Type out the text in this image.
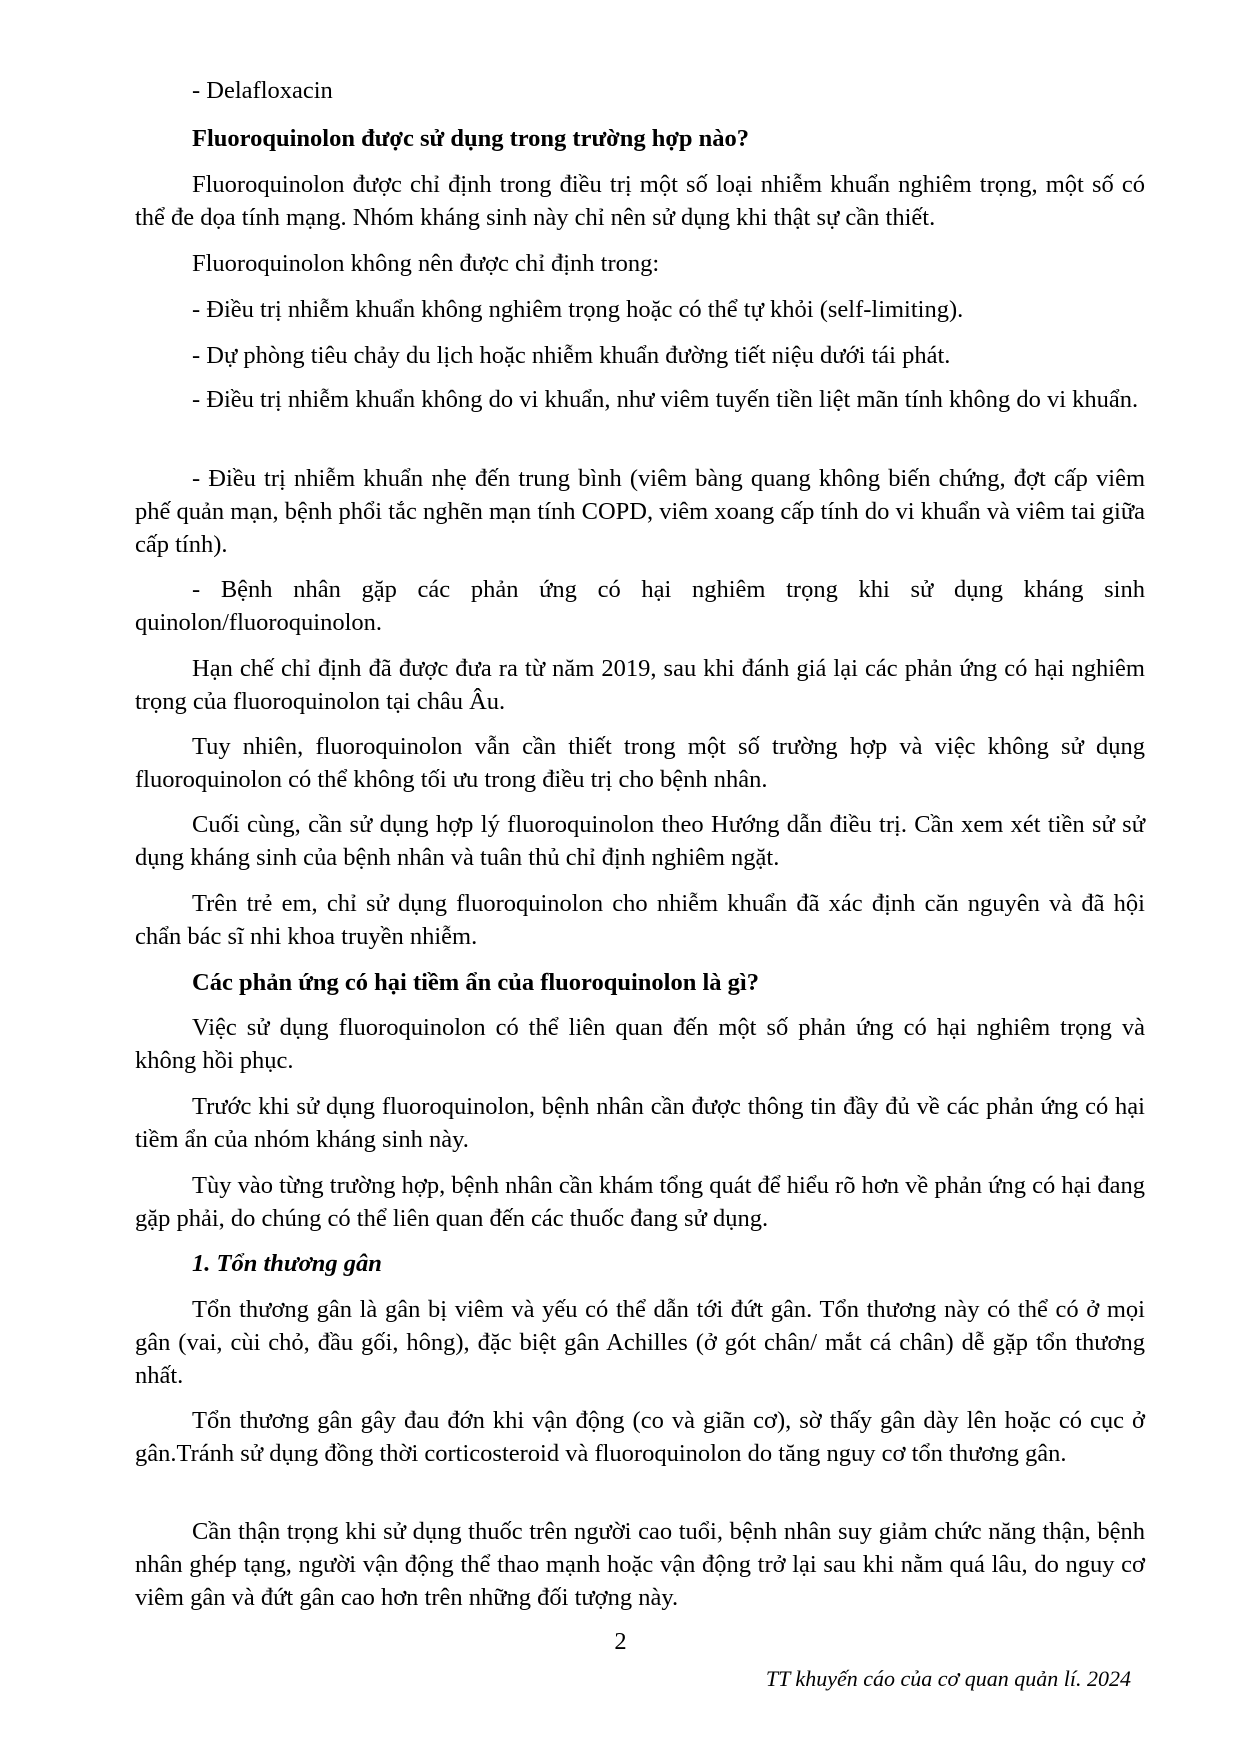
- Delafloxacin

Fluoroquinolon được sử dụng trong trường hợp nào?

Fluoroquinolon được chỉ định trong điều trị một số loại nhiễm khuẩn nghiêm trọng, một số có thể đe dọa tính mạng. Nhóm kháng sinh này chỉ nên sử dụng khi thật sự cần thiết.

Fluoroquinolon không nên được chỉ định trong:

- Điều trị nhiễm khuẩn không nghiêm trọng hoặc có thể tự khỏi (self-limiting).

- Dự phòng tiêu chảy du lịch hoặc nhiễm khuẩn đường tiết niệu dưới tái phát.

- Điều trị nhiễm khuẩn không do vi khuẩn, như viêm tuyến tiền liệt mãn tính không do vi khuẩn.

- Điều trị nhiễm khuẩn nhẹ đến trung bình (viêm bàng quang không biến chứng, đợt cấp viêm phế quản mạn, bệnh phổi tắc nghẽn mạn tính COPD, viêm xoang cấp tính do vi khuẩn và viêm tai giữa cấp tính).

- Bệnh nhân gặp các phản ứng có hại nghiêm trọng khi sử dụng kháng sinh quinolon/fluoroquinolon.

Hạn chế chỉ định đã được đưa ra từ năm 2019, sau khi đánh giá lại các phản ứng có hại nghiêm trọng của fluoroquinolon tại châu Âu.

Tuy nhiên, fluoroquinolon vẫn cần thiết trong một số trường hợp và việc không sử dụng fluoroquinolon có thể không tối ưu trong điều trị cho bệnh nhân.

Cuối cùng, cần sử dụng hợp lý fluoroquinolon theo Hướng dẫn điều trị. Cần xem xét tiền sử sử dụng kháng sinh của bệnh nhân và tuân thủ chỉ định nghiêm ngặt.

Trên trẻ em, chỉ sử dụng fluoroquinolon cho nhiễm khuẩn đã xác định căn nguyên và đã hội chẩn bác sĩ nhi khoa truyền nhiễm.

Các phản ứng có hại tiềm ẩn của fluoroquinolon là gì?

Việc sử dụng fluoroquinolon có thể liên quan đến một số phản ứng có hại nghiêm trọng và không hồi phục.

Trước khi sử dụng fluoroquinolon, bệnh nhân cần được thông tin đầy đủ về các phản ứng có hại tiềm ẩn của nhóm kháng sinh này.

Tùy vào từng trường hợp, bệnh nhân cần khám tổng quát để hiểu rõ hơn về phản ứng có hại đang gặp phải, do chúng có thể liên quan đến các thuốc đang sử dụng.

1. Tổn thương gân

Tổn thương gân là gân bị viêm và yếu có thể dẫn tới đứt gân. Tổn thương này có thể có ở mọi gân (vai, cùi chỏ, đầu gối, hông), đặc biệt gân Achilles (ở gót chân/ mắt cá chân) dễ gặp tổn thương nhất.

Tổn thương gân gây đau đớn khi vận động (co và giãn cơ), sờ thấy gân dày lên hoặc có cục ở gân.Tránh sử dụng đồng thời corticosteroid và fluoroquinolon do tăng nguy cơ tổn thương gân.

Cần thận trọng khi sử dụng thuốc trên người cao tuổi, bệnh nhân suy giảm chức năng thận, bệnh nhân ghép tạng, người vận động thể thao mạnh hoặc vận động trở lại sau khi nằm quá lâu, do nguy cơ viêm gân và đứt gân cao hơn trên những đối tượng này.

2
TT khuyến cáo của cơ quan quản lí. 2024
